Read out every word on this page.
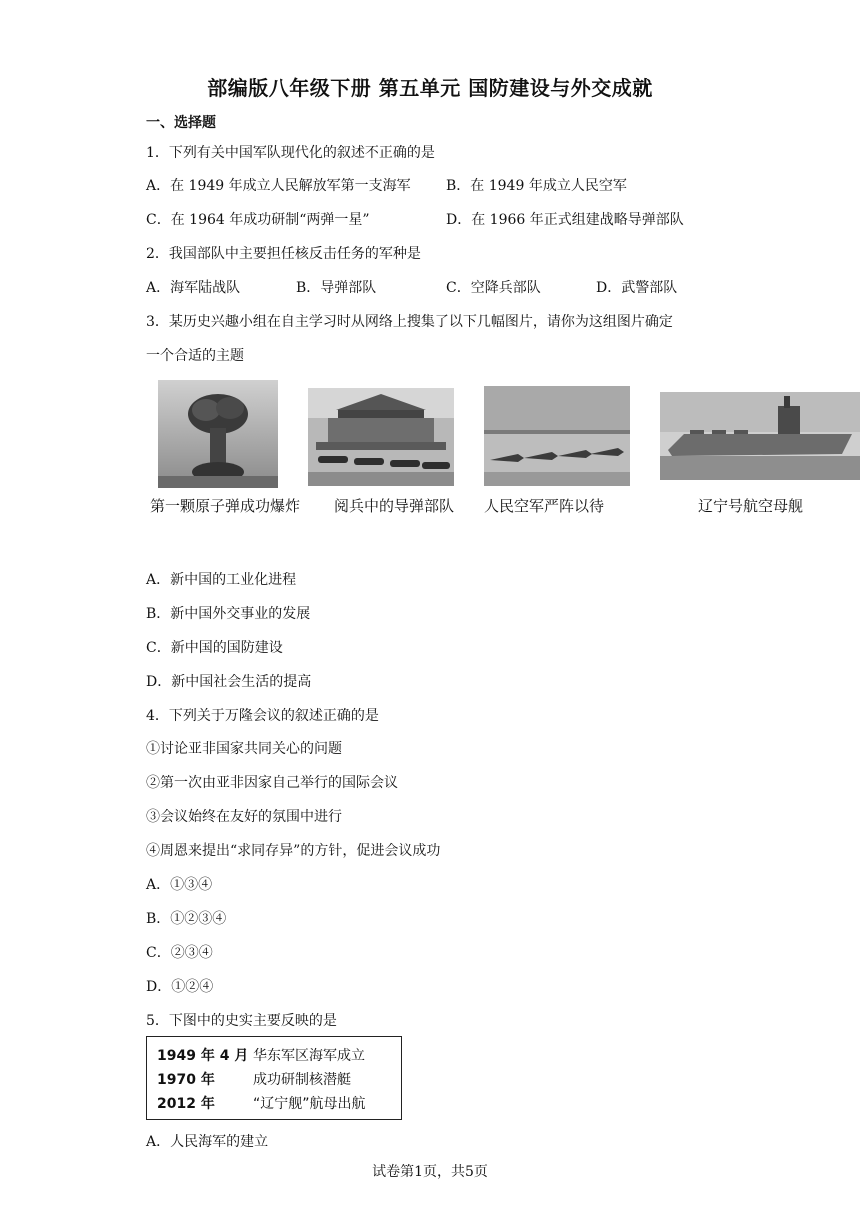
部编版八年级下册 第五单元 国防建设与外交成就
一、选择题
1．下列有关中国军队现代化的叙述不正确的是
A．在 1949 年成立人民解放军第一支海军	B．在 1949 年成立人民空军
C．在 1964 年成功研制“两弹一星”	D．在 1966 年正式组建战略导弹部队
2．我国部队中主要担任核反击任务的军种是
A．海军陆战队	B．导弹部队	C．空降兵部队	D．武警部队
3．某历史兴趣小组在自主学习时从网络上搜集了以下几幅图片，请你为这组图片确定
一个合适的主题
第一颗原子弹成功爆炸 阅兵中的导弹部队 人民空军严阵以待	辽宁号航空母舰
A．新中国的工业化进程
B．新中国外交事业的发展
C．新中国的国防建设
D．新中国社会生活的提高
4．下列关于万隆会议的叙述正确的是
①讨论亚非国家共同关心的问题
②第一次由亚非因家自己举行的国际会议
③会议始终在友好的氛围中进行
④周恩来提出“求同存异”的方针，促进会议成功
A．①③④
B．①②③④
C．②③④
D．①②④
5．下图中的史实主要反映的是
1949 年 4 月 华东军区海军成立
1970 年	成功研制核潜艇
2012 年	“辽宁舰”航母出航
A．人民海军的建立
试卷第1页，共5页
